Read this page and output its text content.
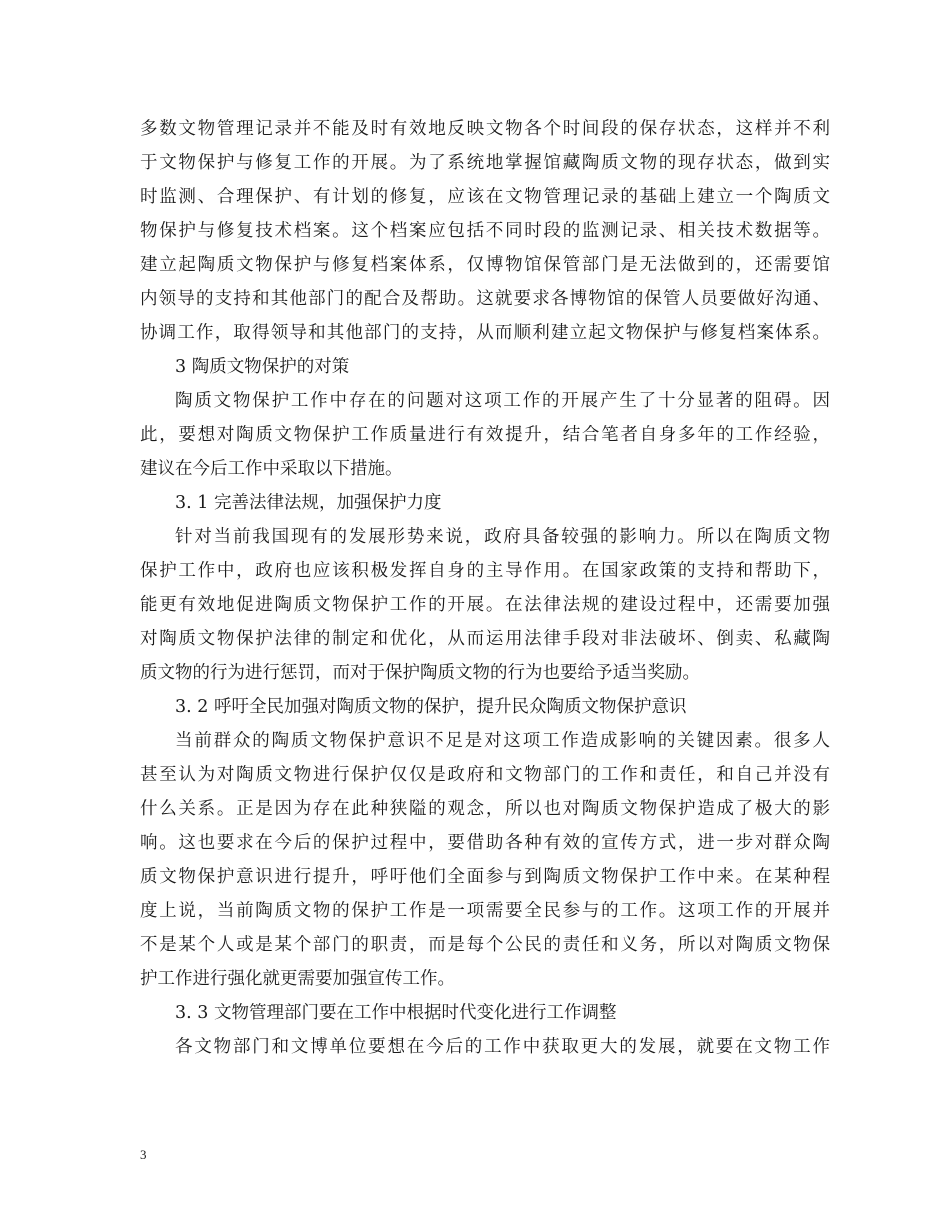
多数文物管理记录并不能及时有效地反映文物各个时间段的保存状态，这样并不利
于文物保护与修复工作的开展。为了系统地掌握馆藏陶质文物的现存状态，做到实
时监测、合理保护、有计划的修复，应该在文物管理记录的基础上建立一个陶质文
物保护与修复技术档案。这个档案应包括不同时段的监测记录、相关技术数据等。
建立起陶质文物保护与修复档案体系，仅博物馆保管部门是无法做到的，还需要馆
内领导的支持和其他部门的配合及帮助。这就要求各博物馆的保管人员要做好沟通、
协调工作，取得领导和其他部门的支持，从而顺利建立起文物保护与修复档案体系。
3 陶质文物保护的对策
陶质文物保护工作中存在的问题对这项工作的开展产生了十分显著的阻碍。因
此，要想对陶质文物保护工作质量进行有效提升，结合笔者自身多年的工作经验，
建议在今后工作中采取以下措施。
3. 1 完善法律法规，加强保护力度
针对当前我国现有的发展形势来说，政府具备较强的影响力。所以在陶质文物
保护工作中，政府也应该积极发挥自身的主导作用。在国家政策的支持和帮助下，
能更有效地促进陶质文物保护工作的开展。在法律法规的建设过程中，还需要加强
对陶质文物保护法律的制定和优化，从而运用法律手段对非法破坏、倒卖、私藏陶
质文物的行为进行惩罚，而对于保护陶质文物的行为也要给予适当奖励。
3. 2 呼吁全民加强对陶质文物的保护，提升民众陶质文物保护意识
当前群众的陶质文物保护意识不足是对这项工作造成影响的关键因素。很多人
甚至认为对陶质文物进行保护仅仅是政府和文物部门的工作和责任，和自己并没有
什么关系。正是因为存在此种狭隘的观念，所以也对陶质文物保护造成了极大的影
响。这也要求在今后的保护过程中，要借助各种有效的宣传方式，进一步对群众陶
质文物保护意识进行提升，呼吁他们全面参与到陶质文物保护工作中来。在某种程
度上说，当前陶质文物的保护工作是一项需要全民参与的工作。这项工作的开展并
不是某个人或是某个部门的职责，而是每个公民的责任和义务，所以对陶质文物保
护工作进行强化就更需要加强宣传工作。
3. 3 文物管理部门要在工作中根据时代变化进行工作调整
各文物部门和文博单位要想在今后的工作中获取更大的发展，就要在文物工作
3
